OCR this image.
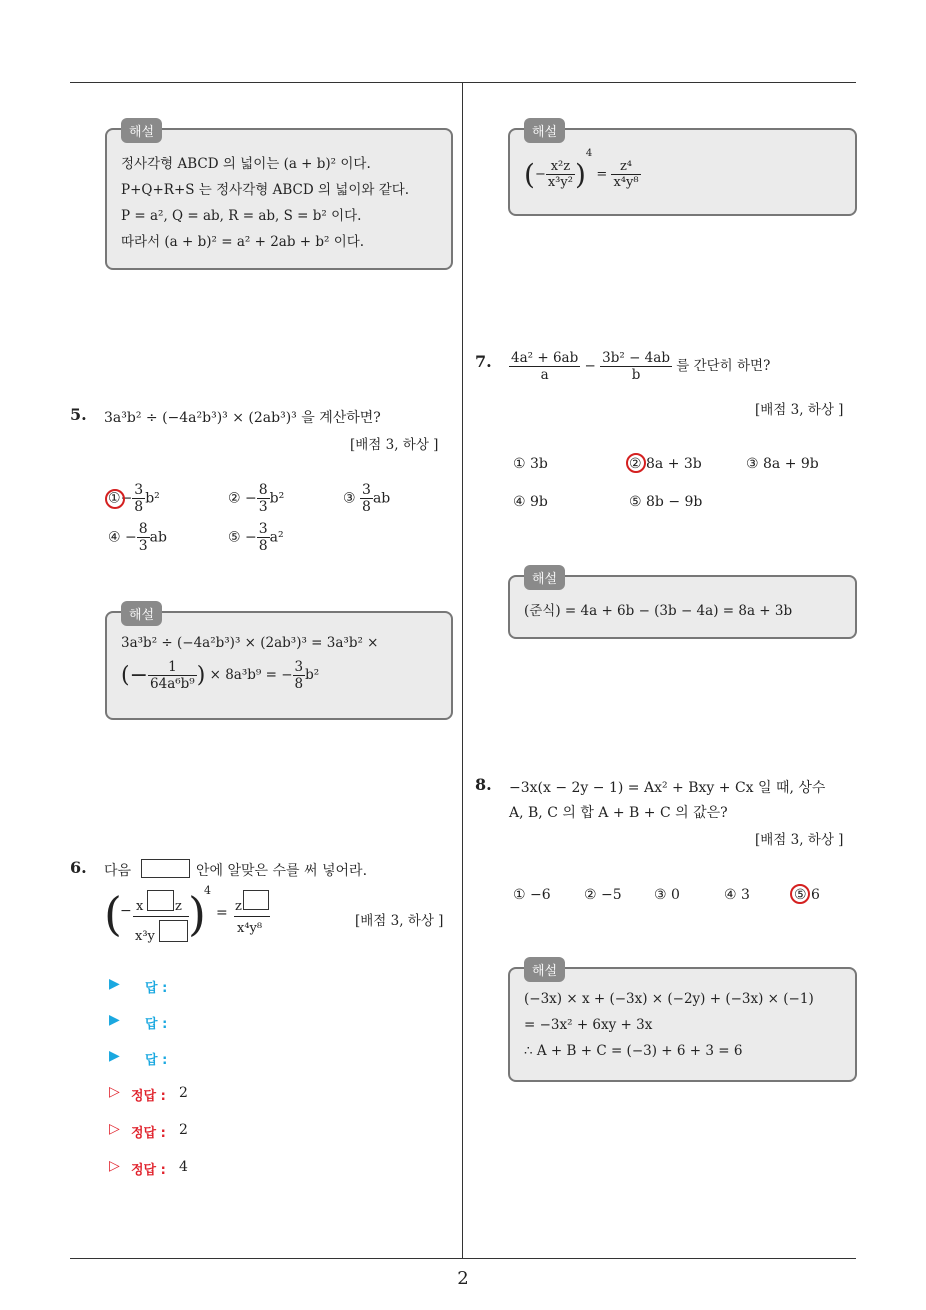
해설
정사각형 ABCD 의 넓이는 (a + b)² 이다.
P+Q+R+S 는 정사각형 ABCD 의 넓이와 같다.
P = a², Q = ab, R = ab, S = b² 이다.
따라서 (a + b)² = a² + 2ab + b² 이다.
5. 3a³b² ÷ (−4a²b³)³ × (2ab³)³ 을 계산하면?
[배점 3, 하상 ]
①− $\frac{3}{8} b^2$	② − $\frac{8}{3} b^2$	③ $\frac{3}{8}$ ab
④ − $\frac{8}{3}$ ab	⑤ − $\frac{3}{8} a^2$
해설
3a³b² ÷ (−4a²b³)³ × (2ab³)³ = 3a³b² ×
(− $\frac{1}{\text{64a⁶b⁹}}$ ) × 8a³b⁹ = − $\frac{3}{8} b^2$
6. 다음	안에 알맞은 수를 써 넣어라.
(
− x z
x³y )
4
= z
x⁴y⁸	[배점 3, 하상 ]
▶ 답 :
▶ 답 :
▶ 답 :
▷ 정답 : 2
▷ 정답 : 2
▷ 정답 : 4
해설
(− $\frac{\text{x²z}}{\text{x³y²}} )^4 = \frac{\text{z⁴}}{\text{x⁴y⁸}}$
7. $\frac{\text{4a² + 6ab}}{a} - \frac{\text{3b² − 4ab}}{b}$ 를 간단히 하면?
[배점 3, 하상 ]
① 3b	② 8a + 3b	③ 8a + 9b
④ 9b	⑤ 8b − 9b
해설
(준식) = 4a + 6b − (3b − 4a) = 8a + 3b
8. −3x(x − 2y − 1) = Ax² + Bxy + Cx 일 때, 상수
A, B, C 의 합 A + B + C 의 값은?
[배점 3, 하상 ]
① −6 ② −5 ③ 0	④ 3	⑤ 6
해설
(−3x) × x + (−3x) × (−2y) + (−3x) × (−1)
= −3x² + 6xy + 3x
∴ A + B + C = (−3) + 6 + 3 = 6
2
